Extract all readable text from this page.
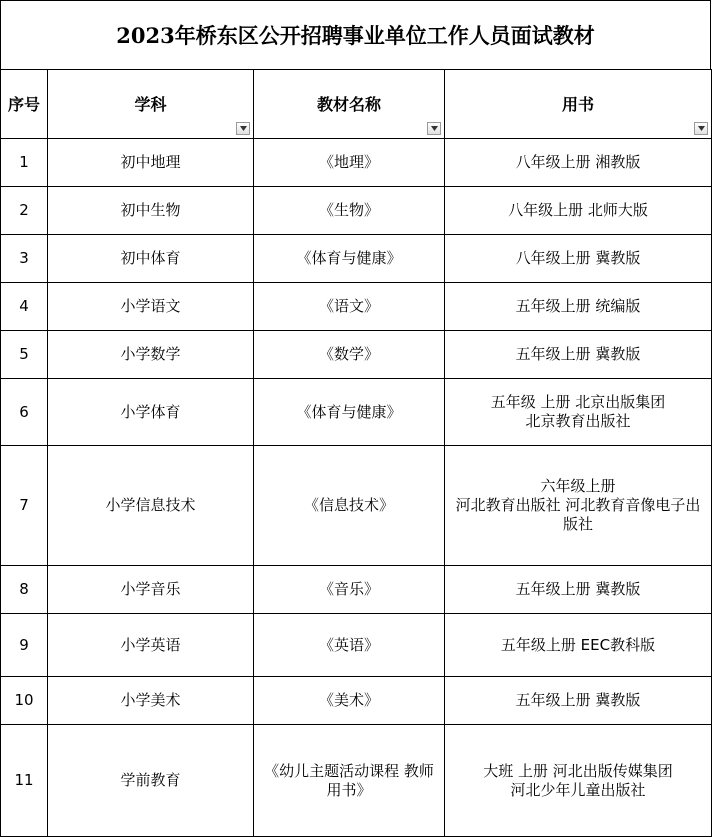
2023年桥东区公开招聘事业单位工作人员面试教材
序号	学科	教材名称	用书

1	初中地理	《地理》	八年级上册 湘教版

2	初中生物	《生物》	八年级上册 北师大版

3	初中体育	《体育与健康》	八年级上册 冀教版

4	小学语文	《语文》	五年级上册 统编版

5	小学数学	《数学》	五年级上册 冀教版

6	小学体育	《体育与健康》	五年级 上册 北京出版集团
北京教育出版社

7	小学信息技术	《信息技术》	六年级上册
河北教育出版社 河北教育音像电子出
版社

8	小学音乐	《音乐》	五年级上册 冀教版

9	小学英语	《英语》	五年级上册 EEC教科版

10	小学美术	《美术》	五年级上册 冀教版

11	学前教育	《幼儿主题活动课程 教师
用书》	大班 上册 河北出版传媒集团
河北少年儿童出版社
